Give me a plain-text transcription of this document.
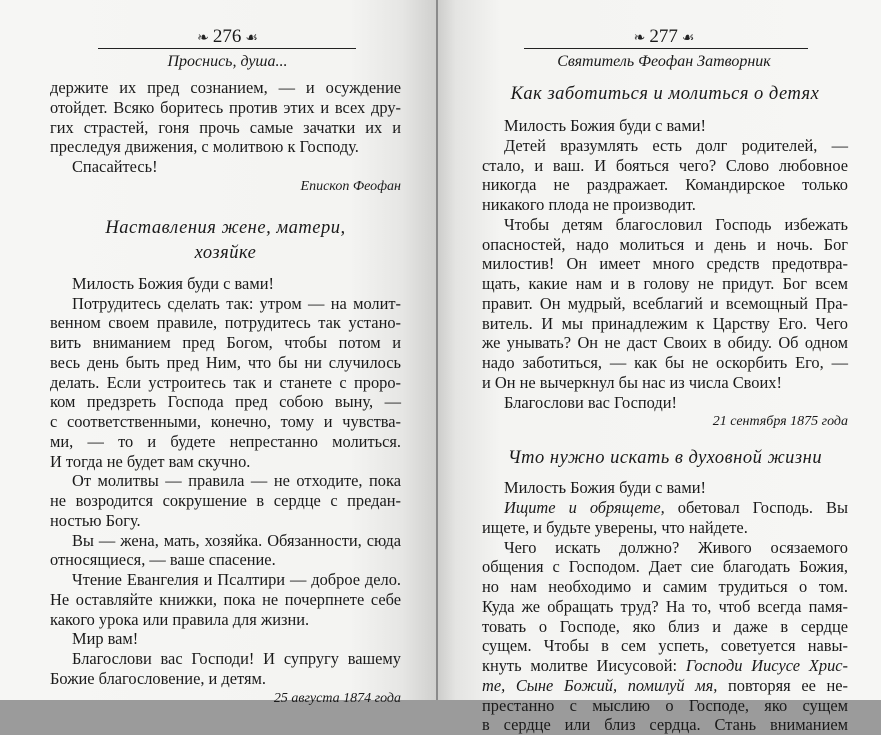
❧ 276 ☙
Проснись, душа...
держите их пред сознанием, — и осуждение
отойдет. Всяко боритесь против этих и всех дру-
гих страстей, гоня прочь самые зачатки их и
преследуя движения, с молитвою к Господу.
Спасайтесь!
Епископ Феофан
Наставления жене, матери,
хозяйке
Милость Божия буди с вами!
Потрудитесь сделать так: утром — на молит-
венном своем правиле, потрудитесь так устано-
вить вниманием пред Богом, чтобы потом и
весь день быть пред Ним, что бы ни случилось
делать. Если устроитесь так и станете с проро-
ком предзреть Господа пред собою выну, —
с соответственными, конечно, тому и чувства-
ми, — то и будете непрестанно молиться.
И тогда не будет вам скучно.
От молитвы — правила — не отходите, пока
не возродится сокрушение в сердце с предан-
ностью Богу.
Вы — жена, мать, хозяйка. Обязанности, сюда
относящиеся, — ваше спасение.
Чтение Евангелия и Псалтири — доброе дело.
Не оставляйте книжки, пока не почерпнете себе
какого урока или правила для жизни.
Мир вам!
Благослови вас Господи! И супругу вашему
Божие благословение, и детям.
25 августа 1874 года
❧ 277 ☙
Святитель Феофан Затворник
Как заботиться и молиться о детях
Милость Божия буди с вами!
Детей вразумлять есть долг родителей, —
стало, и ваш. И бояться чего? Слово любовное
никогда не раздражает. Командирское только
никакого плода не производит.
Чтобы детям благословил Господь избежать
опасностей, надо молиться и день и ночь. Бог
милостив! Он имеет много средств предотвра-
щать, какие нам и в голову не придут. Бог всем
правит. Он мудрый, всеблагий и всемощный Пра-
витель. И мы принадлежим к Царству Его. Чего
же унывать? Он не даст Своих в обиду. Об одном
надо заботиться, — как бы не оскорбить Его, —
и Он не вычеркнул бы нас из числа Своих!
Благослови вас Господи!
21 сентября 1875 года
Что нужно искать в духовной жизни
Милость Божия буди с вами!
Ищите и обрящете, обетовал Господь. Вы
ищете, и будьте уверены, что найдете.
Чего искать должно? Живого осязаемого
общения с Господом. Дает сие благодать Божия,
но нам необходимо и самим трудиться о том.
Куда же обращать труд? На то, чтоб всегда памя-
товать о Господе, яко близ и даже в сердце
сущем. Чтобы в сем успеть, советуется навы-
кнуть молитве Иисусовой: Господи Иисусе Хрис-
те, Сыне Божий, помилуй мя, повторяя ее не-
престанно с мыслию о Господе, яко сущем
в сердце или близ сердца. Стань вниманием
